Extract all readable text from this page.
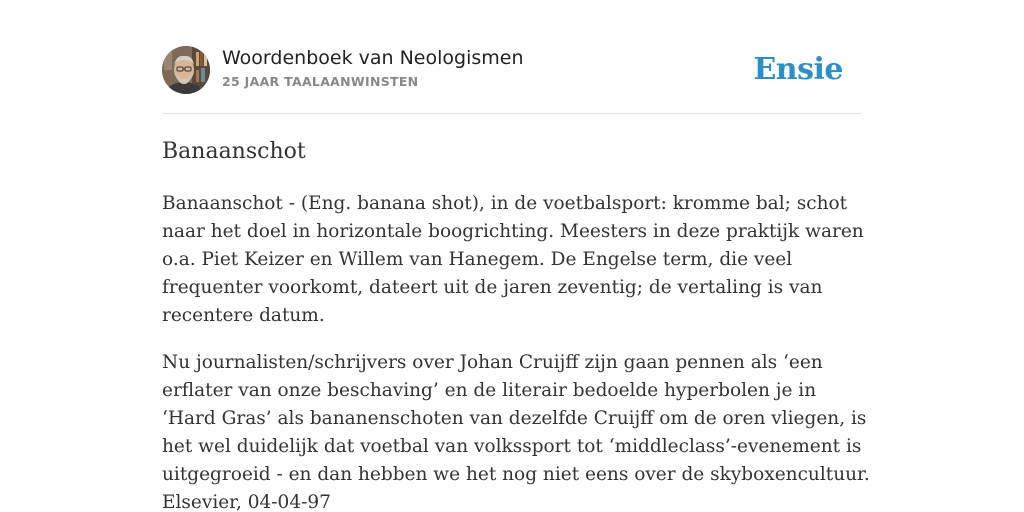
Woordenboek van Neologismen
25 JAAR TAALAANWINSTEN	Ensie
Banaanschot

Banaanschot - (Eng. banana shot), in de voetbalsport: kromme bal; schot naar het doel in horizontale boogrichting. Meesters in deze praktijk waren o.a. Piet Keizer en Willem van Hanegem. De Engelse term, die veel frequenter voorkomt, dateert uit de jaren zeventig; de vertaling is van recentere datum.

Nu journalisten/schrijvers over Johan Cruijff zijn gaan pennen als ‘een erflater van onze beschaving’ en de literair bedoelde hyperbolen je in ‘Hard Gras’ als bananenschoten van dezelfde Cruijff om de oren vliegen, is het wel duidelijk dat voetbal van volkssport tot ‘middleclass’-evenement is uitgegroeid - en dan hebben we het nog niet eens over de skyboxencultuur. Elsevier, 04-04-97
